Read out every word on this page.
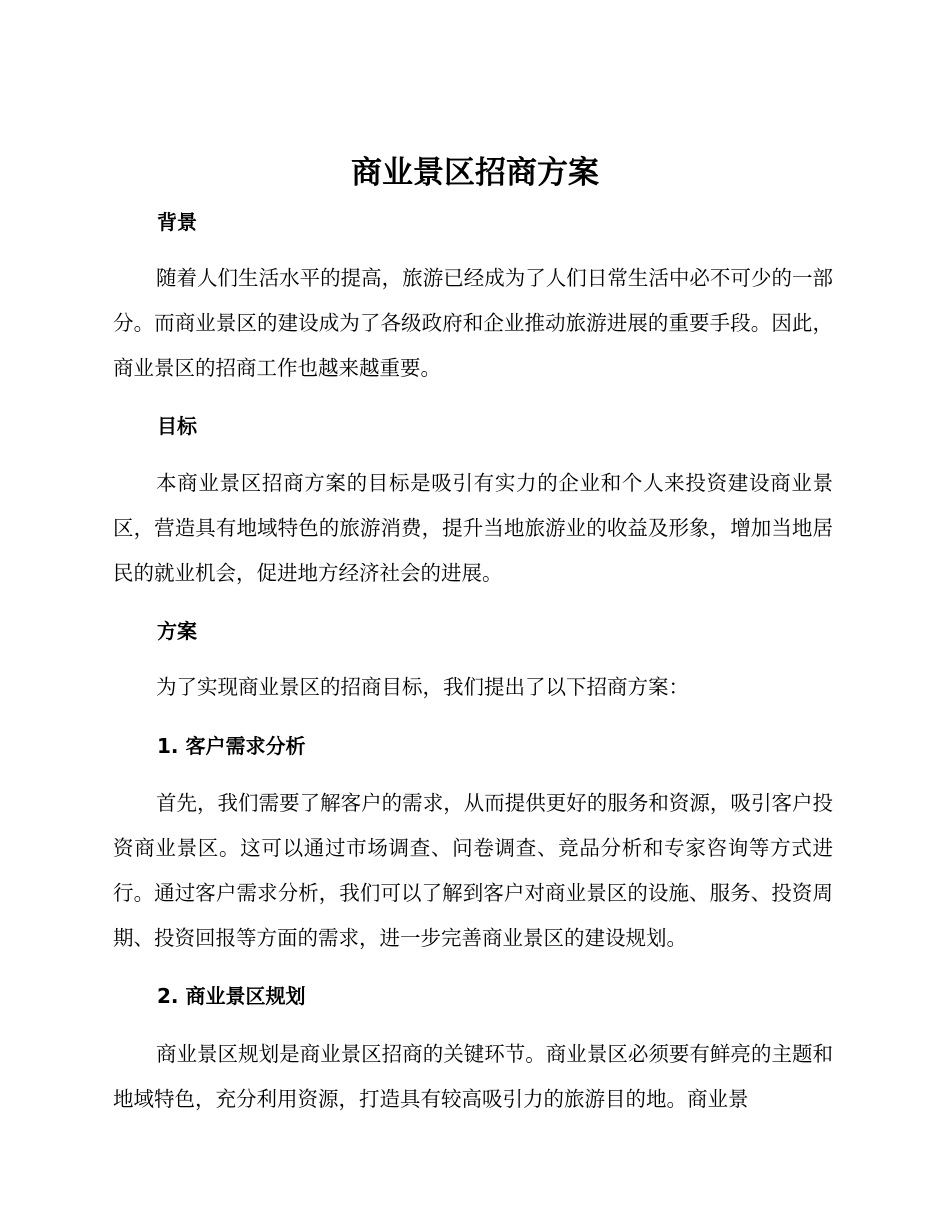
商业景区招商方案
背景
随着人们生活水平的提高，旅游已经成为了人们日常生活中必不可少的一部分。而商业景区的建设成为了各级政府和企业推动旅游进展的重要手段。因此，商业景区的招商工作也越来越重要。
目标
本商业景区招商方案的目标是吸引有实力的企业和个人来投资建设商业景区，营造具有地域特色的旅游消费，提升当地旅游业的收益及形象，增加当地居民的就业机会，促进地方经济社会的进展。
方案
为了实现商业景区的招商目标，我们提出了以下招商方案：
1. 客户需求分析
首先，我们需要了解客户的需求，从而提供更好的服务和资源，吸引客户投资商业景区。这可以通过市场调查、问卷调查、竞品分析和专家咨询等方式进行。通过客户需求分析，我们可以了解到客户对商业景区的设施、服务、投资周期、投资回报等方面的需求，进一步完善商业景区的建设规划。
2. 商业景区规划
商业景区规划是商业景区招商的关键环节。商业景区必须要有鲜亮的主题和地域特色，充分利用资源，打造具有较高吸引力的旅游目的地。商业景
